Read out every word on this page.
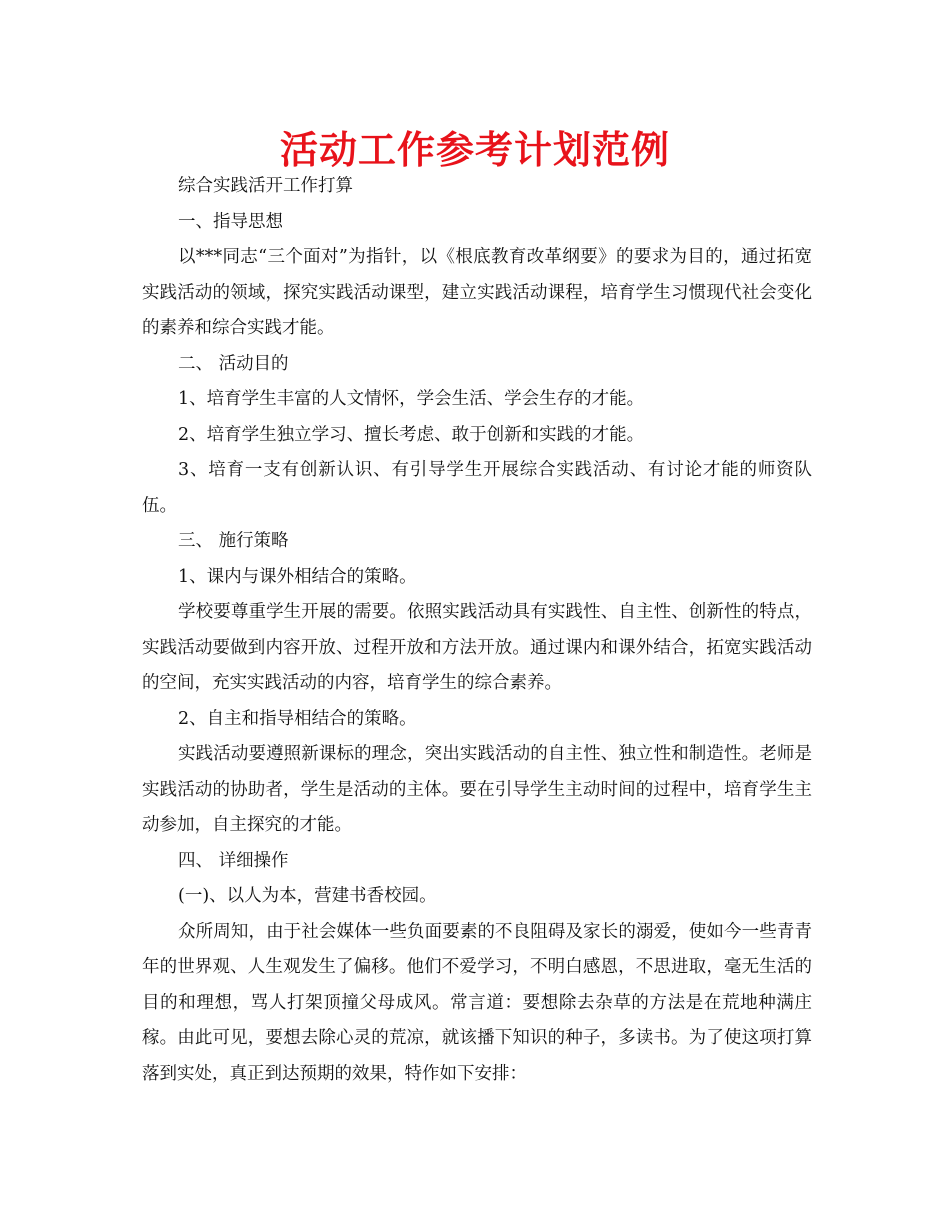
活动工作参考计划范例

综合实践活开工作打算

一、指导思想

以***同志“三个面对”为指针，以《根底教育改革纲要》的要求为目的，通过拓宽实践活动的领域，探究实践活动课型，建立实践活动课程，培育学生习惯现代社会变化的素养和综合实践才能。

二、 活动目的

1、培育学生丰富的人文情怀，学会生活、学会生存的才能。

2、培育学生独立学习、擅长考虑、敢于创新和实践的才能。

3、培育一支有创新认识、有引导学生开展综合实践活动、有讨论才能的师资队伍。

三、 施行策略

1、课内与课外相结合的策略。

学校要尊重学生开展的需要。依照实践活动具有实践性、自主性、创新性的特点，实践活动要做到内容开放、过程开放和方法开放。通过课内和课外结合，拓宽实践活动的空间，充实实践活动的内容，培育学生的综合素养。

2、自主和指导相结合的策略。

实践活动要遵照新课标的理念，突出实践活动的自主性、独立性和制造性。老师是实践活动的协助者，学生是活动的主体。要在引导学生主动时间的过程中，培育学生主动参加，自主探究的才能。

四、 详细操作

(一)、以人为本，营建书香校园。

众所周知，由于社会媒体一些负面要素的不良阻碍及家长的溺爱，使如今一些青青年的世界观、人生观发生了偏移。他们不爱学习，不明白感恩，不思进取，毫无生活的目的和理想，骂人打架顶撞父母成风。常言道：要想除去杂草的方法是在荒地种满庄稼。由此可见，要想去除心灵的荒凉，就该播下知识的种子，多读书。为了使这项打算落到实处，真正到达预期的效果，特作如下安排：
